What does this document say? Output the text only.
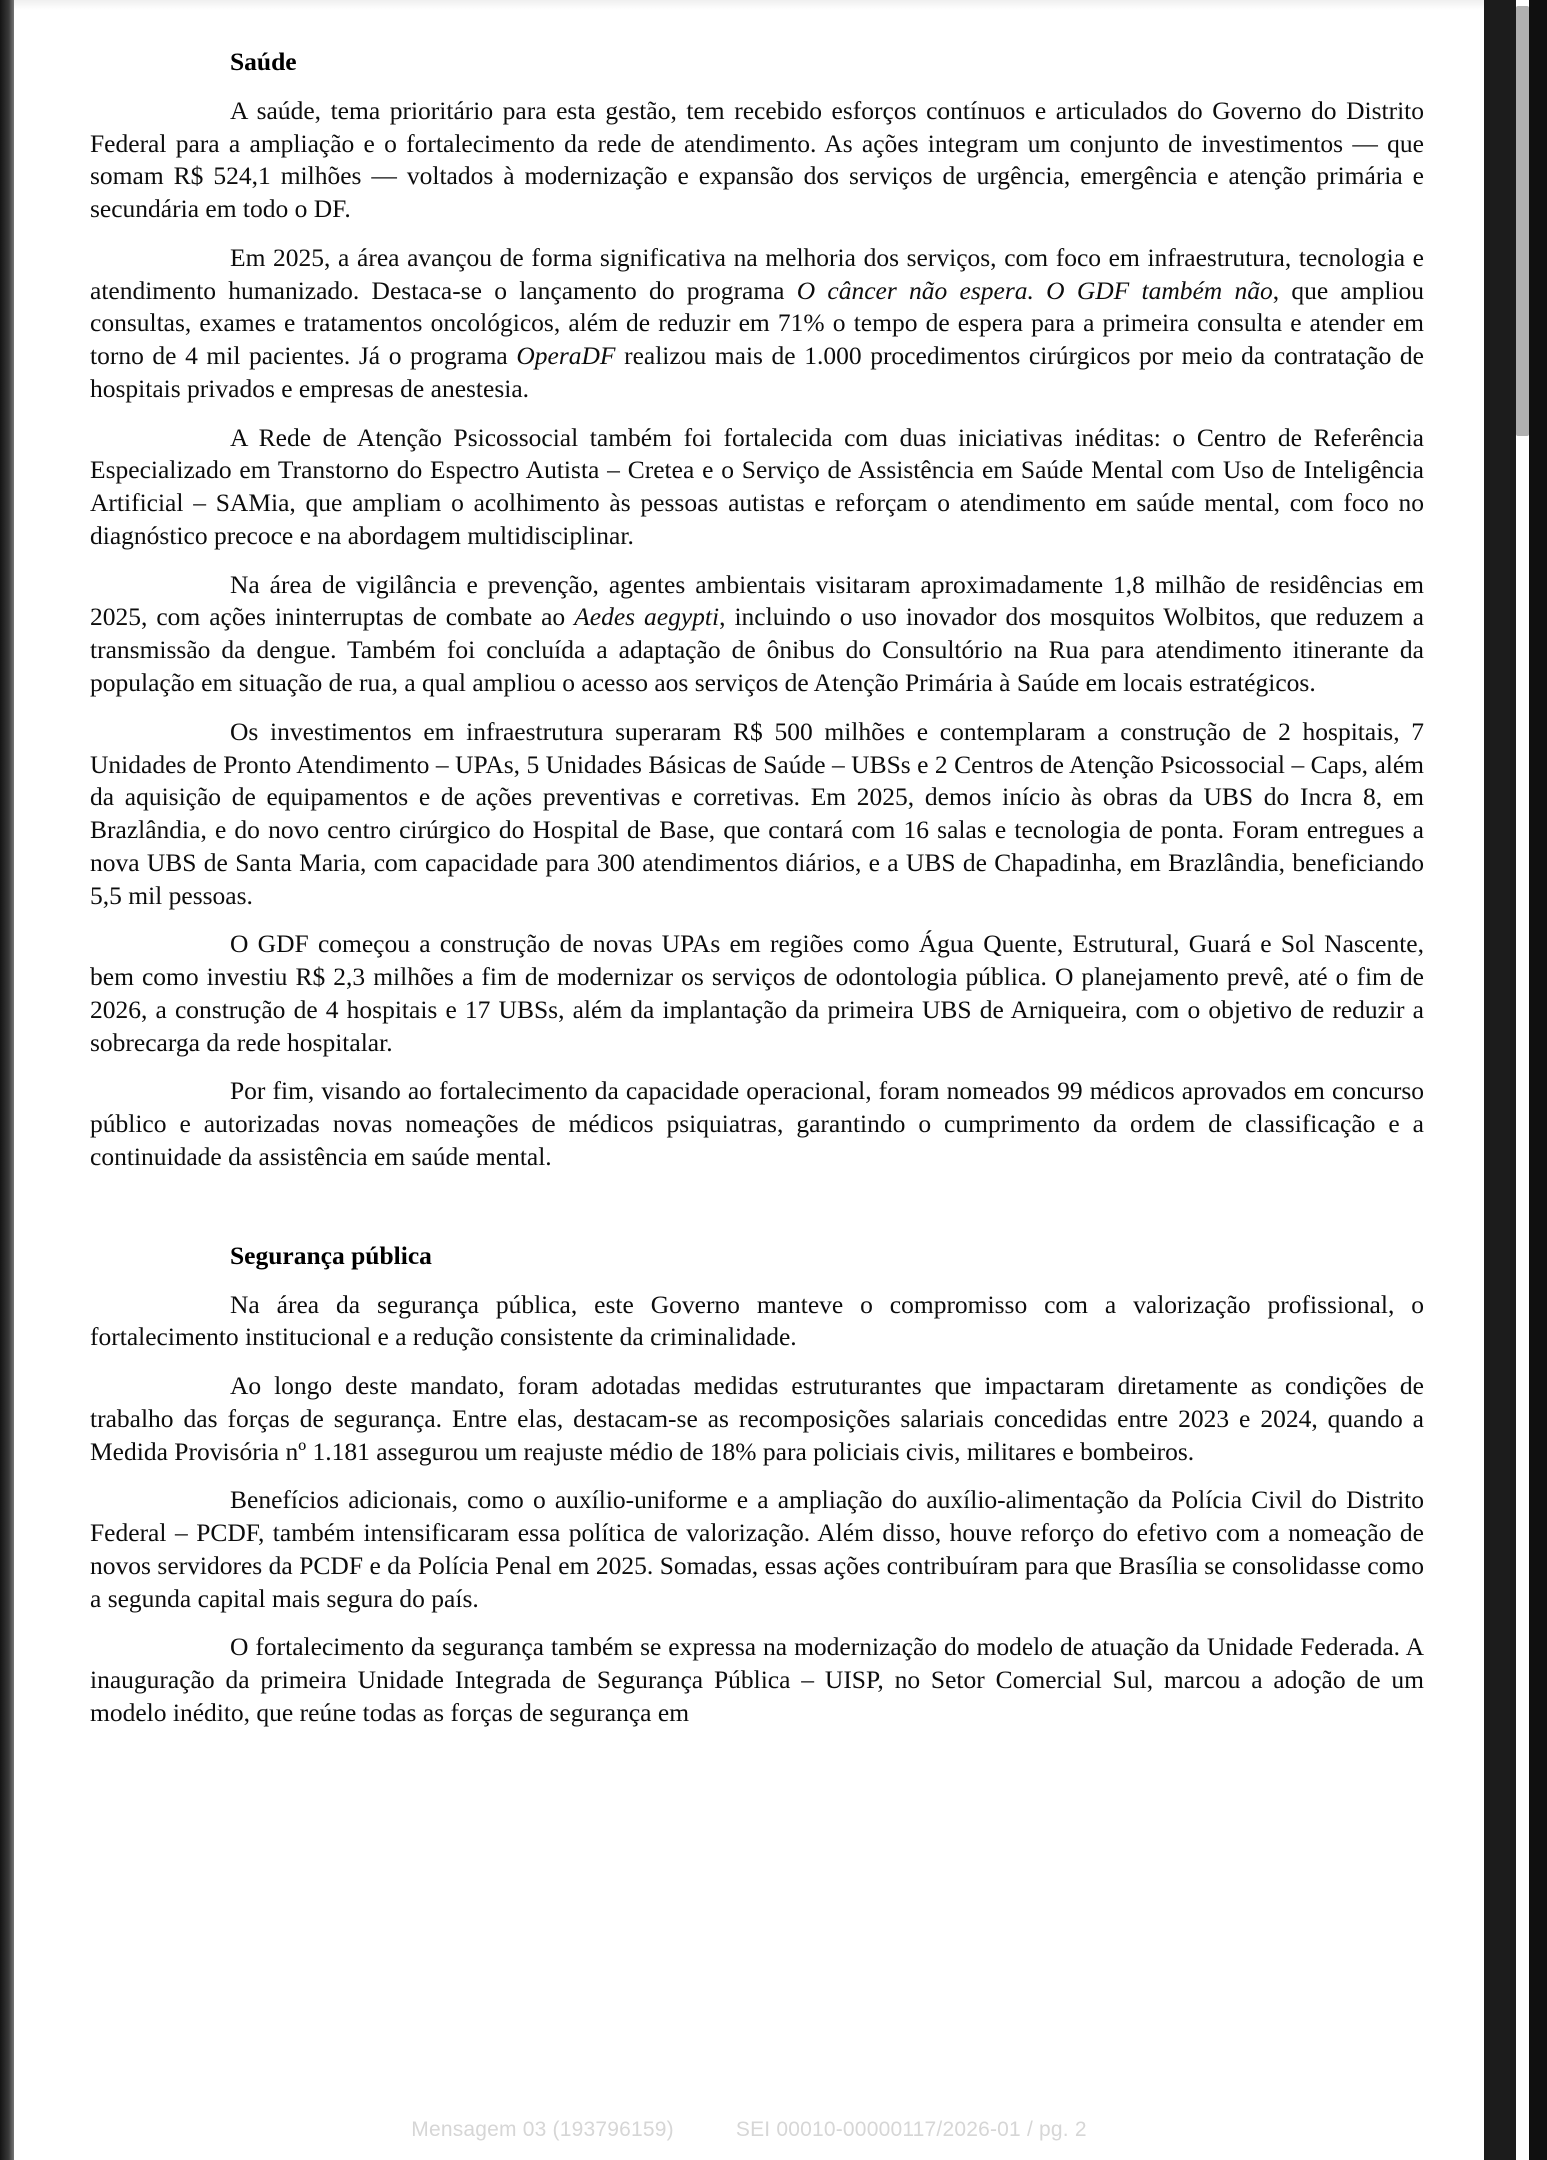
Saúde

A saúde, tema prioritário para esta gestão, tem recebido esforços contínuos e articulados do Governo do Distrito Federal para a ampliação e o fortalecimento da rede de atendimento. As ações integram um conjunto de investimentos — que somam R$ 524,1 milhões — voltados à modernização e expansão dos serviços de urgência, emergência e atenção primária e secundária em todo o DF.

Em 2025, a área avançou de forma significativa na melhoria dos serviços, com foco em infraestrutura, tecnologia e atendimento humanizado. Destaca-se o lançamento do programa O câncer não espera. O GDF também não, que ampliou consultas, exames e tratamentos oncológicos, além de reduzir em 71% o tempo de espera para a primeira consulta e atender em torno de 4 mil pacientes. Já o programa OperaDF realizou mais de 1.000 procedimentos cirúrgicos por meio da contratação de hospitais privados e empresas de anestesia.

A Rede de Atenção Psicossocial também foi fortalecida com duas iniciativas inéditas: o Centro de Referência Especializado em Transtorno do Espectro Autista – Cretea e o Serviço de Assistência em Saúde Mental com Uso de Inteligência Artificial – SAMia, que ampliam o acolhimento às pessoas autistas e reforçam o atendimento em saúde mental, com foco no diagnóstico precoce e na abordagem multidisciplinar.

Na área de vigilância e prevenção, agentes ambientais visitaram aproximadamente 1,8 milhão de residências em 2025, com ações ininterruptas de combate ao Aedes aegypti, incluindo o uso inovador dos mosquitos Wolbitos, que reduzem a transmissão da dengue. Também foi concluída a adaptação de ônibus do Consultório na Rua para atendimento itinerante da população em situação de rua, a qual ampliou o acesso aos serviços de Atenção Primária à Saúde em locais estratégicos.

Os investimentos em infraestrutura superaram R$ 500 milhões e contemplaram a construção de 2 hospitais, 7 Unidades de Pronto Atendimento – UPAs, 5 Unidades Básicas de Saúde – UBSs e 2 Centros de Atenção Psicossocial – Caps, além da aquisição de equipamentos e de ações preventivas e corretivas. Em 2025, demos início às obras da UBS do Incra 8, em Brazlândia, e do novo centro cirúrgico do Hospital de Base, que contará com 16 salas e tecnologia de ponta. Foram entregues a nova UBS de Santa Maria, com capacidade para 300 atendimentos diários, e a UBS de Chapadinha, em Brazlândia, beneficiando 5,5 mil pessoas.

O GDF começou a construção de novas UPAs em regiões como Água Quente, Estrutural, Guará e Sol Nascente, bem como investiu R$ 2,3 milhões a fim de modernizar os serviços de odontologia pública. O planejamento prevê, até o fim de 2026, a construção de 4 hospitais e 17 UBSs, além da implantação da primeira UBS de Arniqueira, com o objetivo de reduzir a sobrecarga da rede hospitalar.

Por fim, visando ao fortalecimento da capacidade operacional, foram nomeados 99 médicos aprovados em concurso público e autorizadas novas nomeações de médicos psiquiatras, garantindo o cumprimento da ordem de classificação e a continuidade da assistência em saúde mental.

Segurança pública

Na área da segurança pública, este Governo manteve o compromisso com a valorização profissional, o fortalecimento institucional e a redução consistente da criminalidade.

Ao longo deste mandato, foram adotadas medidas estruturantes que impactaram diretamente as condições de trabalho das forças de segurança. Entre elas, destacam-se as recomposições salariais concedidas entre 2023 e 2024, quando a Medida Provisória nº 1.181 assegurou um reajuste médio de 18% para policiais civis, militares e bombeiros.

Benefícios adicionais, como o auxílio-uniforme e a ampliação do auxílio-alimentação da Polícia Civil do Distrito Federal – PCDF, também intensificaram essa política de valorização. Além disso, houve reforço do efetivo com a nomeação de novos servidores da PCDF e da Polícia Penal em 2025. Somadas, essas ações contribuíram para que Brasília se consolidasse como a segunda capital mais segura do país.

O fortalecimento da segurança também se expressa na modernização do modelo de atuação da Unidade Federada. A inauguração da primeira Unidade Integrada de Segurança Pública – UISP, no Setor Comercial Sul, marcou a adoção de um modelo inédito, que reúne todas as forças de segurança em

Mensagem 03 (193796159)	SEI 00010-00000117/2026-01 / pg. 2
